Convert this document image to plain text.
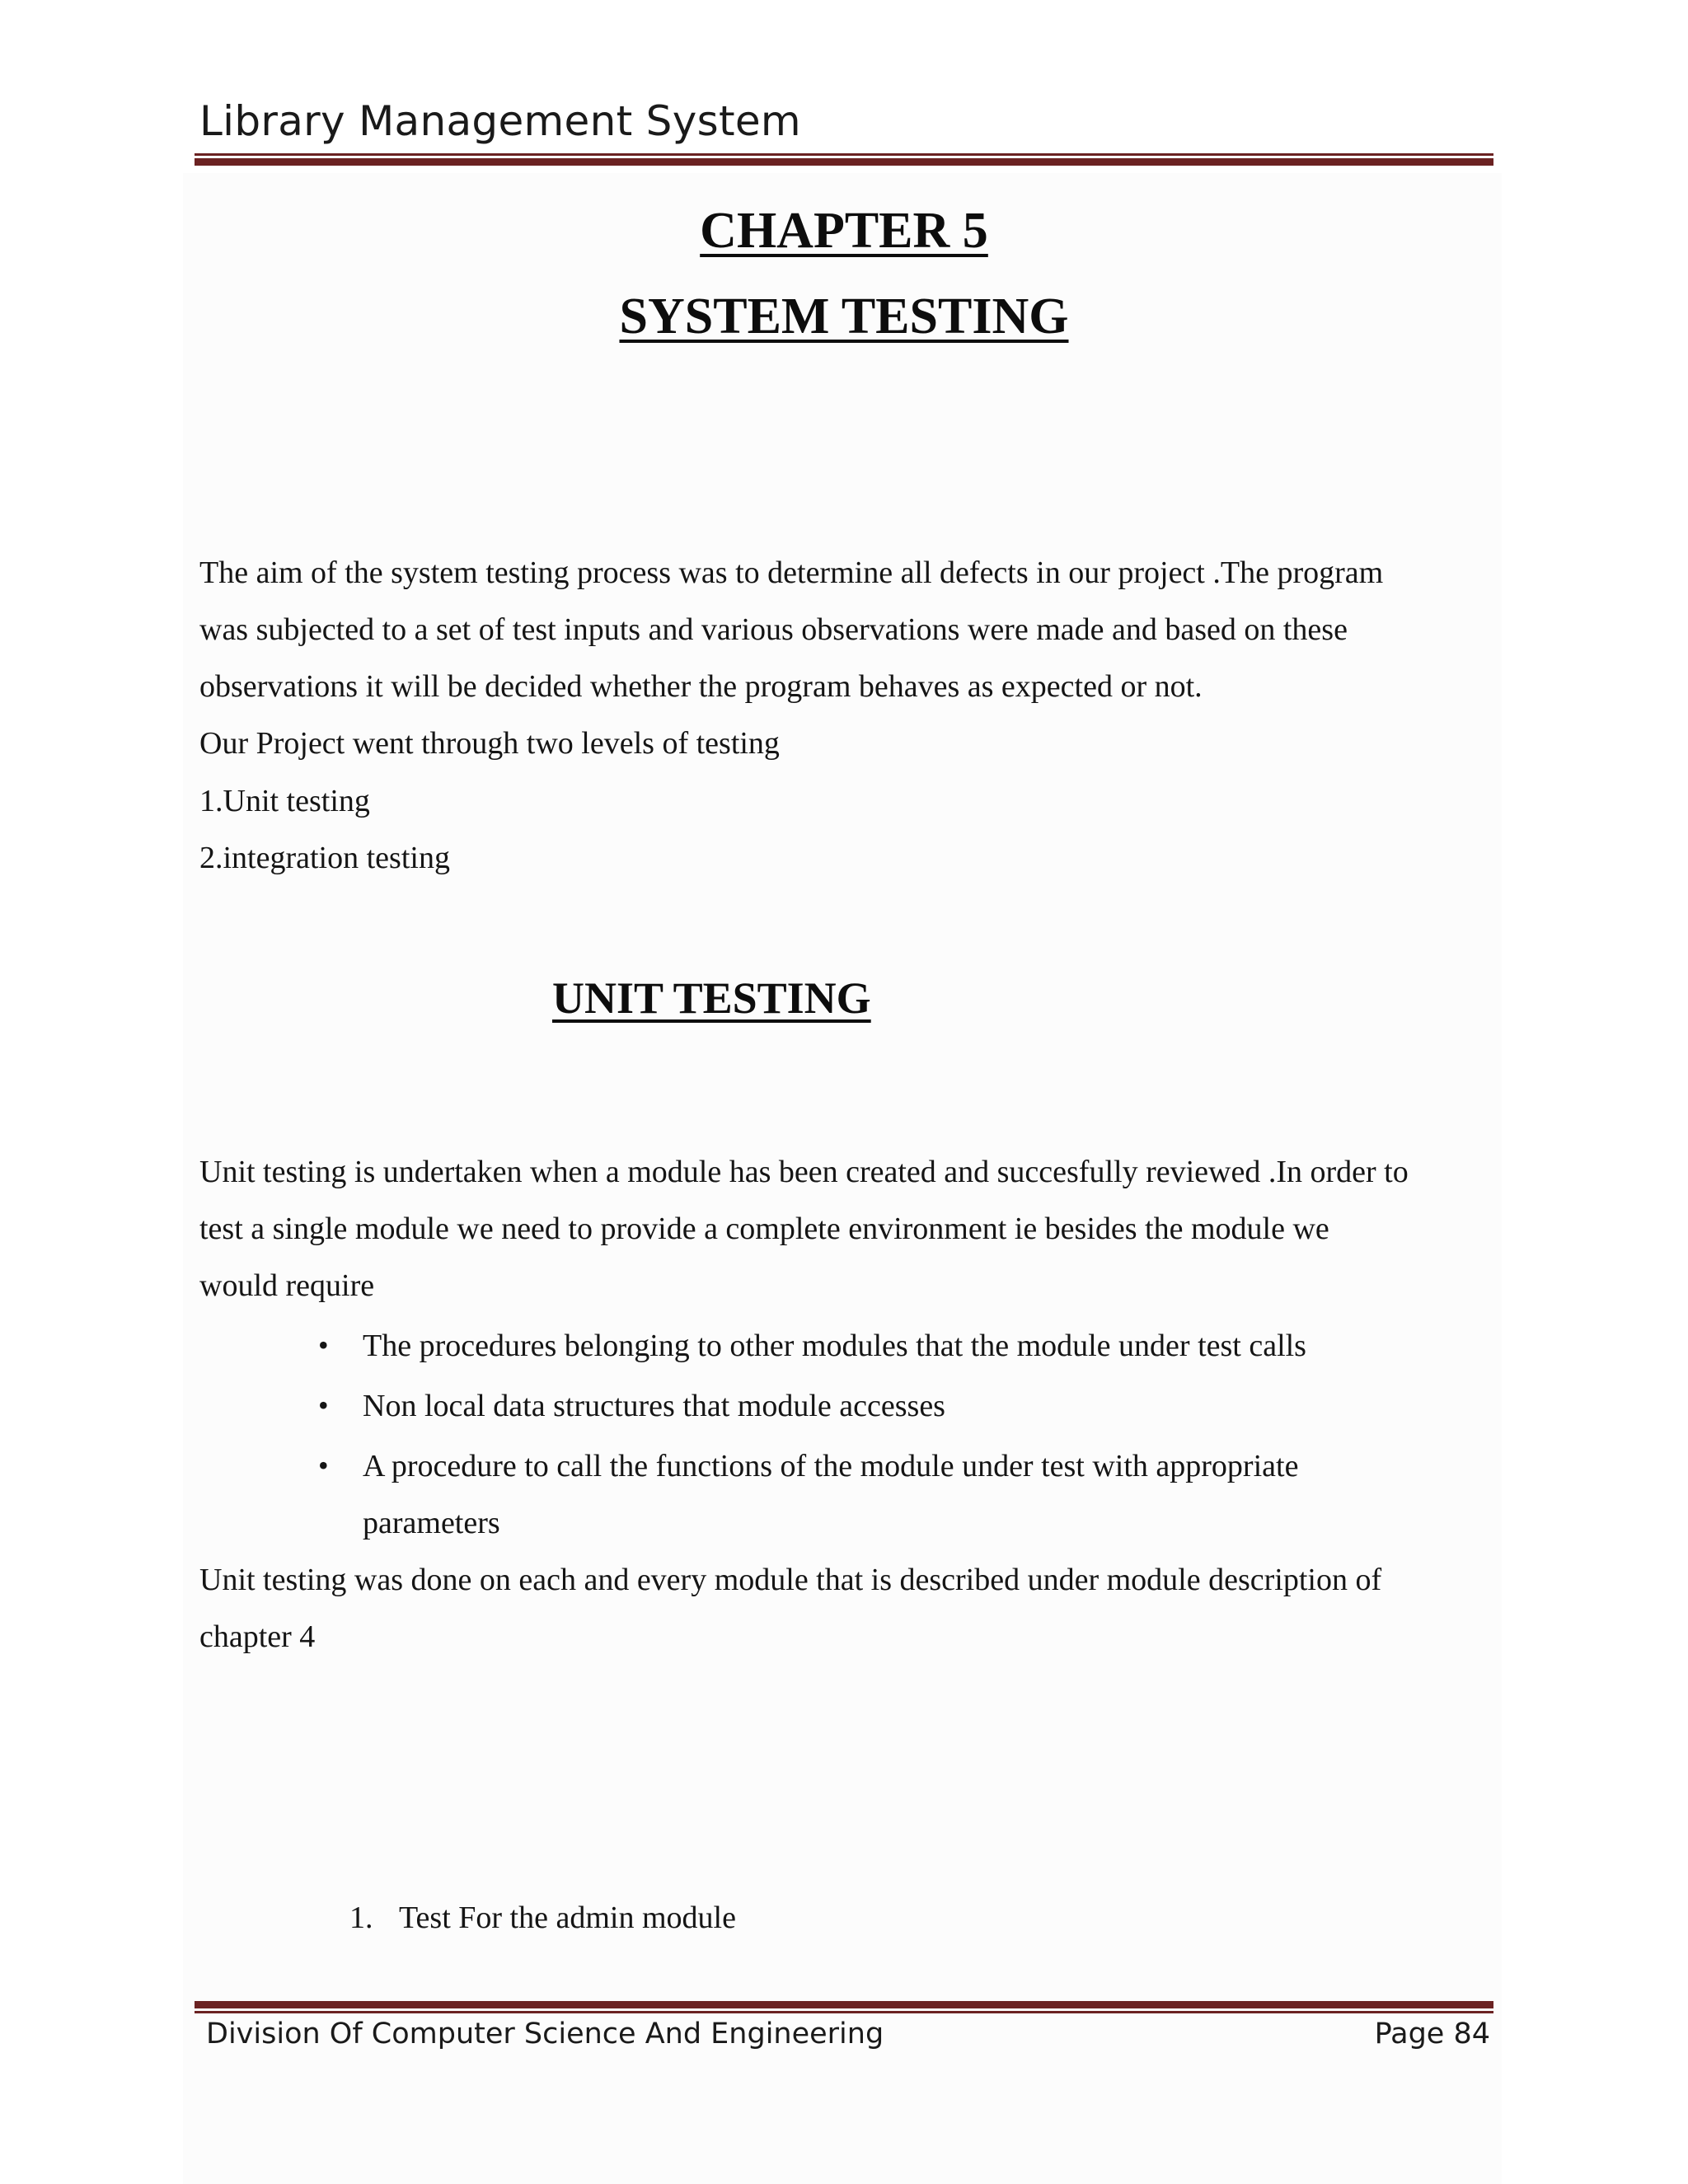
Library Management System
CHAPTER 5
SYSTEM TESTING
The aim of the system testing process was to determine all defects in our project .The program
was subjected to a set of test inputs and various observations were made and based on these
observations it will be decided whether the program behaves as expected or not.
Our Project went through two levels of testing
1.Unit testing
2.integration testing
UNIT TESTING
Unit testing is undertaken when a module has been created and succesfully reviewed .In order to
test a single module we need to provide a complete environment ie besides the module we
would require
• The procedures belonging to other modules that the module under test calls
• Non local data structures that module accesses
• A procedure to call the functions of the module under test with appropriate
parameters
Unit testing was done on each and every module that is described under module description of
chapter 4
1. Test For the admin module
Division Of Computer Science And Engineering	Page 84
